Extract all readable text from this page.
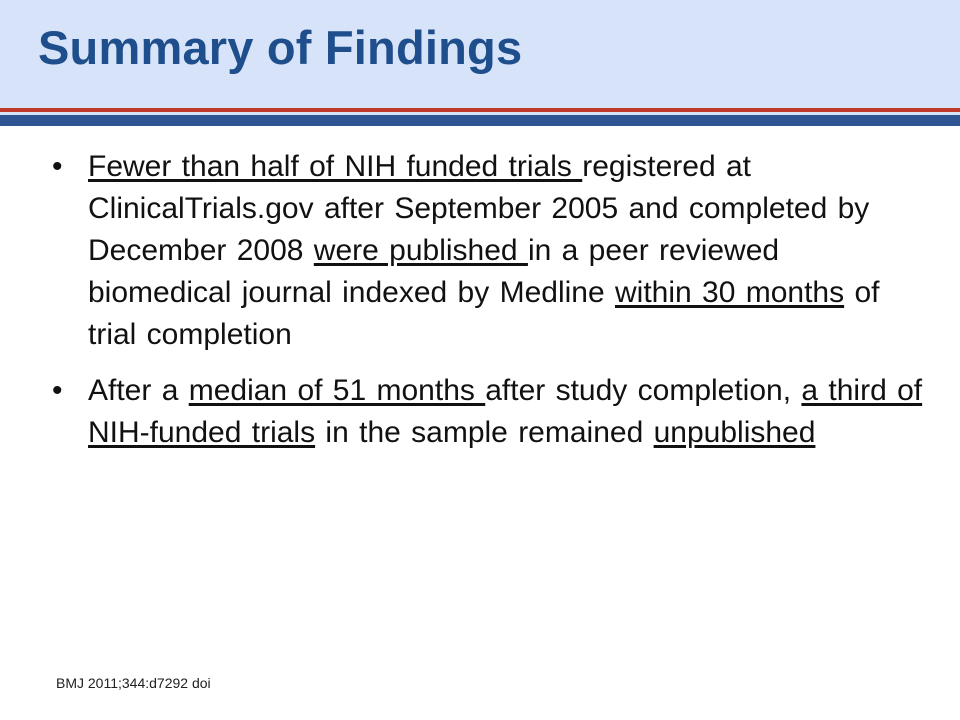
Summary of Findings
• Fewer than half of NIH funded trials registered at ClinicalTrials.gov after September 2005 and completed by December 2008 were published in a peer reviewed biomedical journal indexed by Medline within 30 months of trial completion
• After a median of 51 months after study completion, a third of NIH-funded trials in the sample remained unpublished
BMJ 2011;344:d7292 doi
